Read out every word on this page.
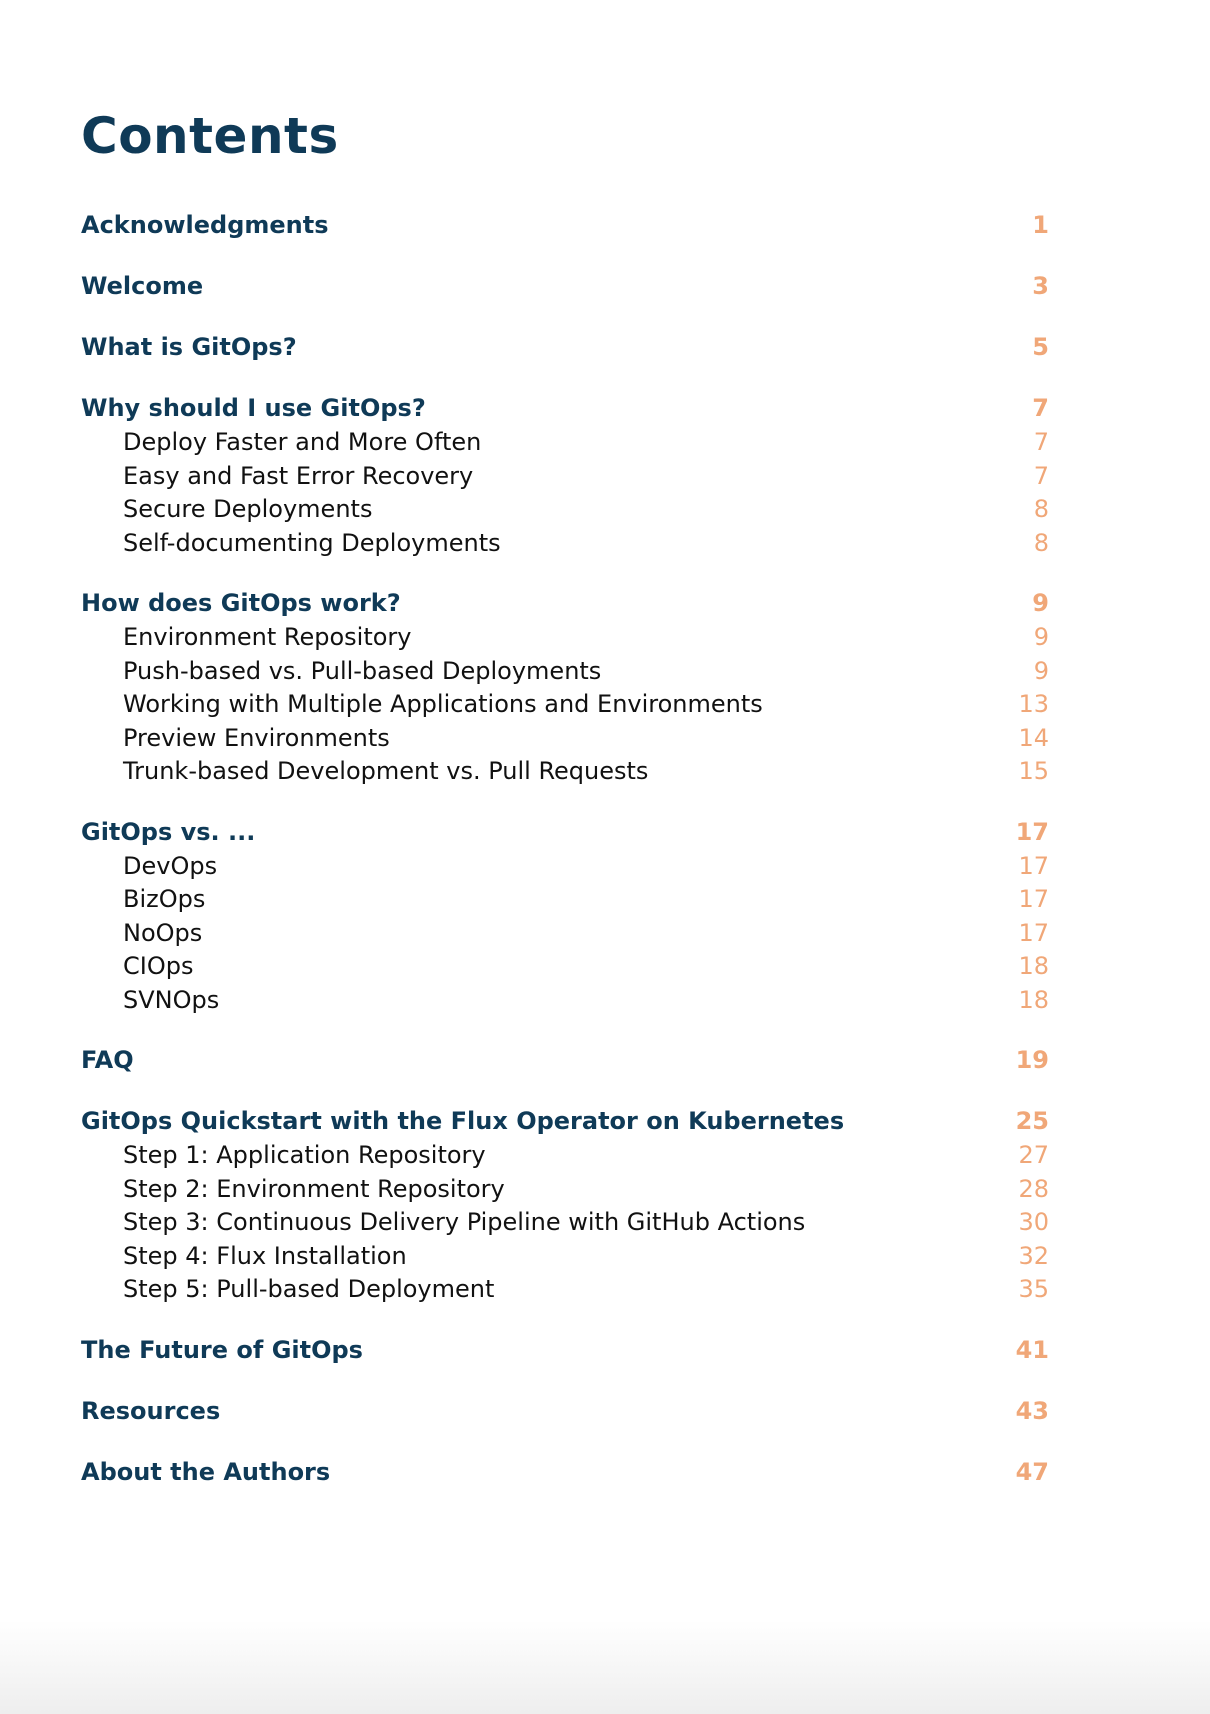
Contents
Acknowledgments	1
Welcome	3
What is GitOps?	5
Why should I use GitOps?	7
Deploy Faster and More Often	7
Easy and Fast Error Recovery	7
Secure Deployments	8
Self-documenting Deployments	8
How does GitOps work?	9
Environment Repository	9
Push-based vs. Pull-based Deployments	9
Working with Multiple Applications and Environments	13
Preview Environments	14
Trunk-based Development vs. Pull Requests	15
GitOps vs. ...	17
DevOps	17
BizOps	17
NoOps	17
CIOps	18
SVNOps	18
FAQ	19
GitOps Quickstart with the Flux Operator on Kubernetes	25
Step 1: Application Repository	27
Step 2: Environment Repository	28
Step 3: Continuous Delivery Pipeline with GitHub Actions	30
Step 4: Flux Installation	32
Step 5: Pull-based Deployment	35
The Future of GitOps	41
Resources	43
About the Authors	47
